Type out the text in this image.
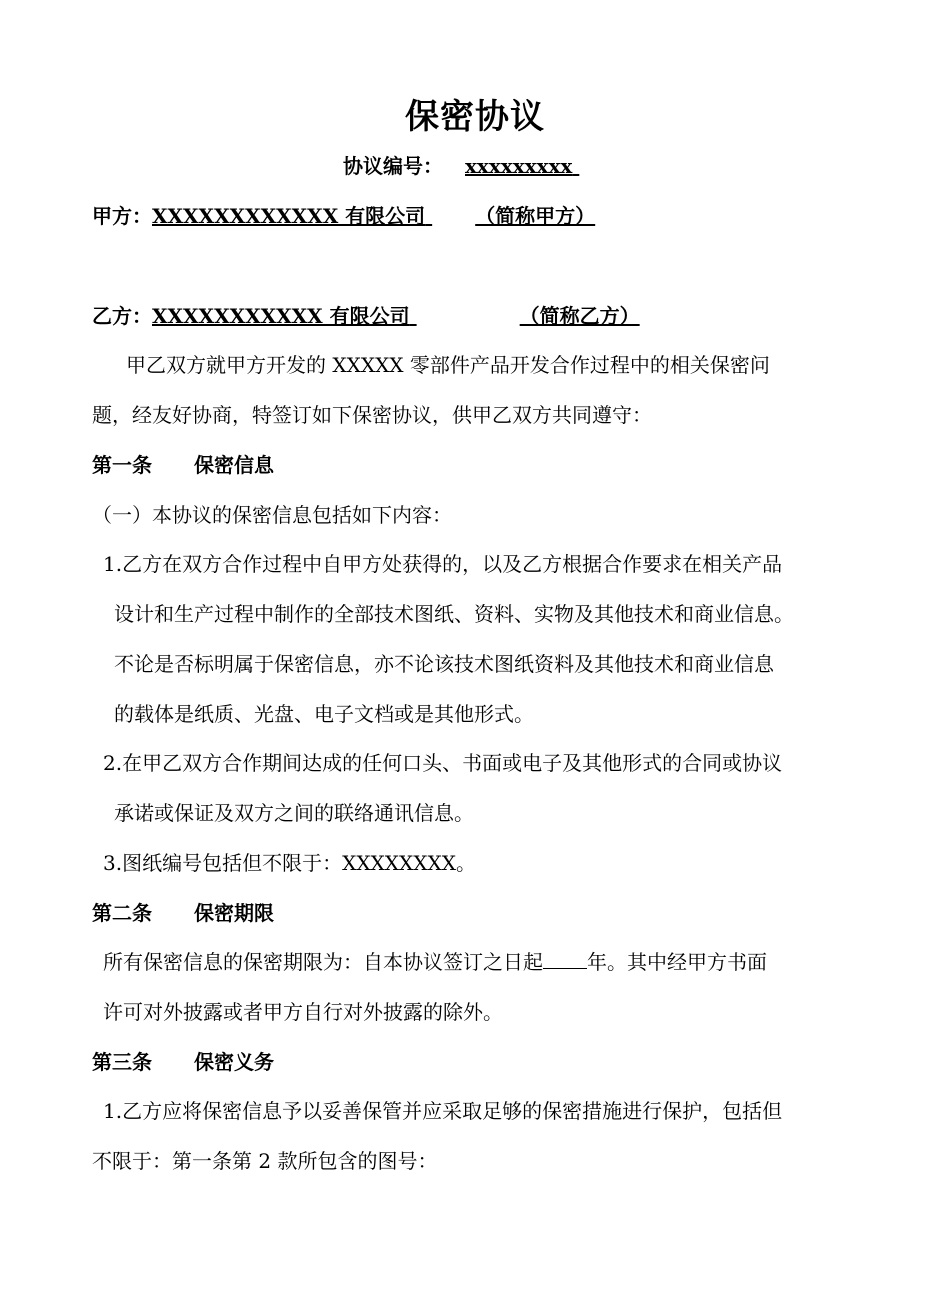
保密协议
协议编号： xxxxxxxxx
甲方：XXXXXXXXXXXX 有限公司	（简称甲方）
乙方：XXXXXXXXXXX 有限公司	（简称乙方）
甲乙双方就甲方开发的 XXXXX 零部件产品开发合作过程中的相关保密问
题，经友好协商，特签订如下保密协议，供甲乙双方共同遵守：
第一条 保密信息
（一）本协议的保密信息包括如下内容：
1.乙方在双方合作过程中自甲方处获得的，以及乙方根据合作要求在相关产品
设计和生产过程中制作的全部技术图纸、资料、实物及其他技术和商业信息。
不论是否标明属于保密信息，亦不论该技术图纸资料及其他技术和商业信息
的载体是纸质、光盘、电子文档或是其他形式。
2.在甲乙双方合作期间达成的任何口头、书面或电子及其他形式的合同或协议
承诺或保证及双方之间的联络通讯信息。
3.图纸编号包括但不限于：XXXXXXXX。
第二条 保密期限
所有保密信息的保密期限为：自本协议签订之日起 年。其中经甲方书面
许可对外披露或者甲方自行对外披露的除外。
第三条 保密义务
1.乙方应将保密信息予以妥善保管并应采取足够的保密措施进行保护，包括但
不限于：第一条第 2 款所包含的图号：
